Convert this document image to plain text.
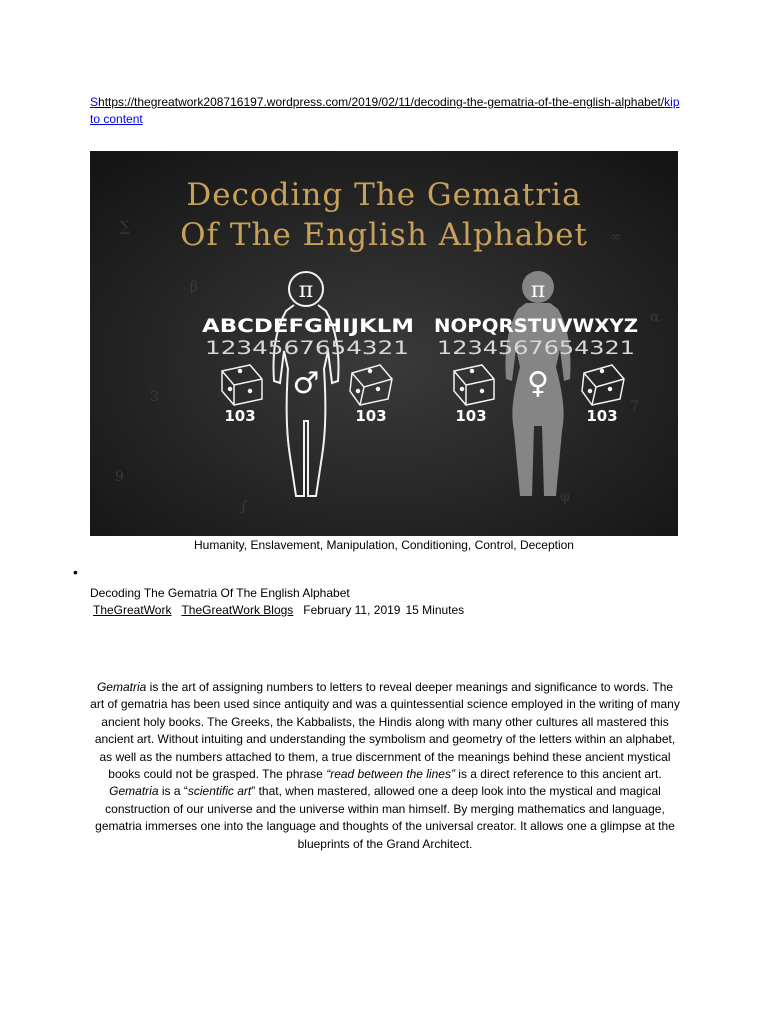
Shttps://thegreatwork208716197.wordpress.com/2019/02/11/decoding-the-gematria-of-the-english-alphabet/kip to content
∑
∞
3
7
∫
φ
9
α
β
Decoding The Gematria
Of The English Alphabet
π
♂
π
♀
ABCDEFGHIJKLM
1234567654321
NOPQRSTUVWXYZ
1234567654321
103	103	103	103
Humanity, Enslavement, Manipulation, Conditioning, Control, Deception
•
Decoding The Gematria Of The English Alphabet
TheGreatWork TheGreatWork Blogs February 11, 2019 15 Minutes
Gematria is the art of assigning numbers to letters to reveal deeper meanings and significance to words. The art of gematria has been used since antiquity and was a quintessential science employed in the writing of many ancient holy books. The Greeks, the Kabbalists, the Hindis along with many other cultures all mastered this ancient art. Without intuiting and understanding the symbolism and geometry of the letters within an alphabet, as well as the numbers attached to them, a true discernment of the meanings behind these ancient mystical books could not be grasped. The phrase “read between the lines” is a direct reference to this ancient art. Gematria is a “scientific art” that, when mastered, allowed one a deep look into the mystical and magical construction of our universe and the universe within man himself. By merging mathematics and language, gematria immerses one into the language and thoughts of the universal creator. It allows one a glimpse at the blueprints of the Grand Architect.
